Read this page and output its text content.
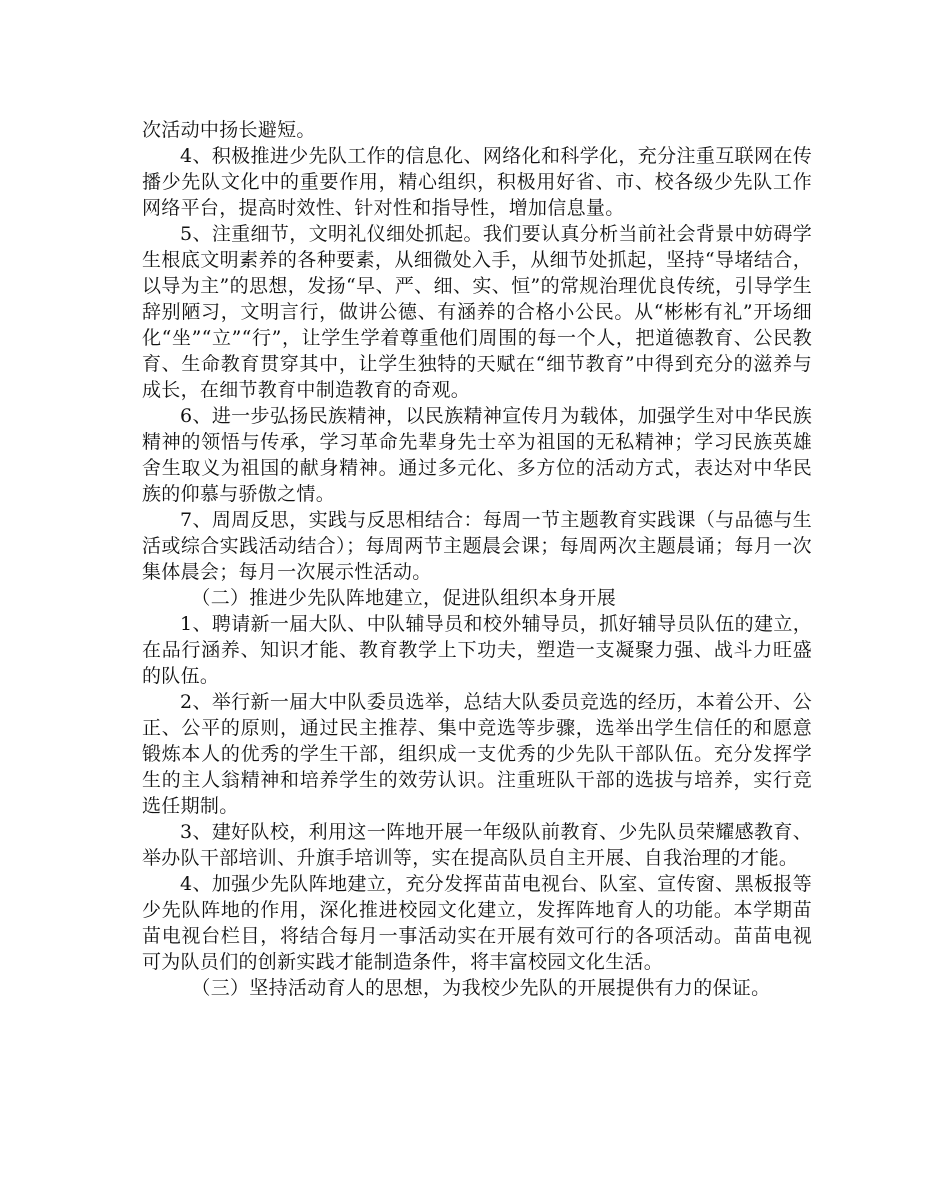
次活动中扬长避短。

4、积极推进少先队工作的信息化、网络化和科学化，充分注重互联网在传播少先队文化中的重要作用，精心组织，积极用好省、市、校各级少先队工作网络平台，提高时效性、针对性和指导性，增加信息量。

5、注重细节，文明礼仪细处抓起。我们要认真分析当前社会背景中妨碍学生根底文明素养的各种要素，从细微处入手，从细节处抓起，坚持“导堵结合，以导为主”的思想，发扬“早、严、细、实、恒”的常规治理优良传统，引导学生辞别陋习，文明言行，做讲公德、有涵养的合格小公民。从“彬彬有礼”开场细化“坐”“立”“行”，让学生学着尊重他们周围的每一个人，把道德教育、公民教育、生命教育贯穿其中，让学生独特的天赋在“细节教育”中得到充分的滋养与成长，在细节教育中制造教育的奇观。

6、进一步弘扬民族精神，以民族精神宣传月为载体，加强学生对中华民族精神的领悟与传承，学习革命先辈身先士卒为祖国的无私精神；学习民族英雄舍生取义为祖国的献身精神。通过多元化、多方位的活动方式，表达对中华民族的仰慕与骄傲之情。

7、周周反思，实践与反思相结合：每周一节主题教育实践课（与品德与生活或综合实践活动结合）；每周两节主题晨会课；每周两次主题晨诵；每月一次集体晨会；每月一次展示性活动。

（二）推进少先队阵地建立，促进队组织本身开展

1、聘请新一届大队、中队辅导员和校外辅导员，抓好辅导员队伍的建立，在品行涵养、知识才能、教育教学上下功夫，塑造一支凝聚力强、战斗力旺盛的队伍。

2、举行新一届大中队委员选举，总结大队委员竞选的经历，本着公开、公正、公平的原则，通过民主推荐、集中竞选等步骤，选举出学生信任的和愿意锻炼本人的优秀的学生干部，组织成一支优秀的少先队干部队伍。充分发挥学生的主人翁精神和培养学生的效劳认识。注重班队干部的选拔与培养，实行竞选任期制。

3、建好队校，利用这一阵地开展一年级队前教育、少先队员荣耀感教育、举办队干部培训、升旗手培训等，实在提高队员自主开展、自我治理的才能。

4、加强少先队阵地建立，充分发挥苗苗电视台、队室、宣传窗、黑板报等少先队阵地的作用，深化推进校园文化建立，发挥阵地育人的功能。本学期苗苗电视台栏目，将结合每月一事活动实在开展有效可行的各项活动。苗苗电视可为队员们的创新实践才能制造条件，将丰富校园文化生活。

（三）坚持活动育人的思想，为我校少先队的开展提供有力的保证。
